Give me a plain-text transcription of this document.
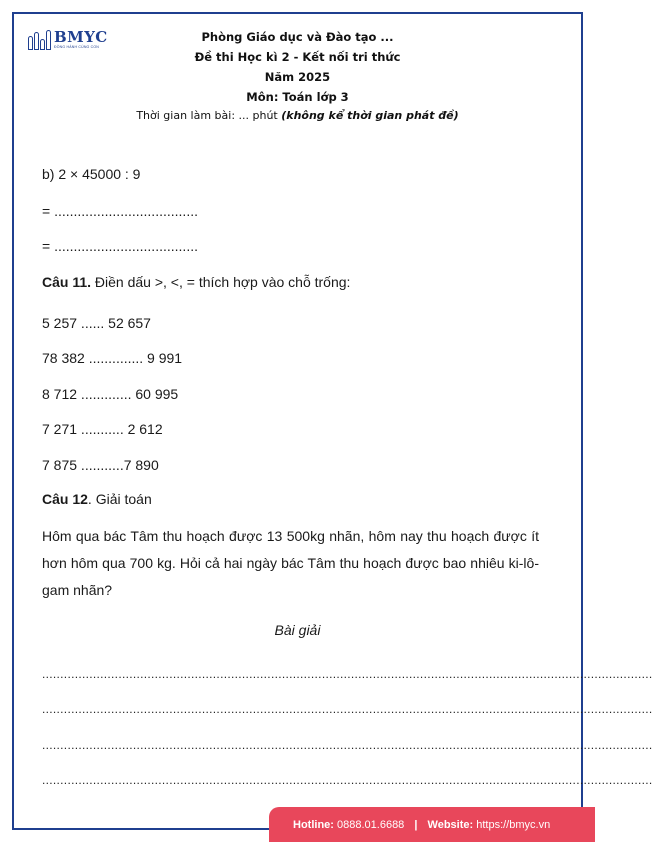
BMYC
ĐỒNG HÀNH CÙNG CON
Phòng Giáo dục và Đào tạo ...
Đề thi Học kì 2 - Kết nối tri thức
Năm 2025
Môn: Toán lớp 3
Thời gian làm bài: ... phút (không kể thời gian phát đề)
b) 2 × 45000 : 9
= .....................................
= .....................................
Câu 11. Điền dấu >, <, = thích hợp vào chỗ trống:
5 257 ...... 52 657
78 382 .............. 9 991
8 712 ............. 60 995
7 271 ........... 2 612
7 875 ...........7 890
Câu 12. Giải toán
Hôm qua bác Tâm thu hoạch được 13 500kg nhãn, hôm nay thu hoạch được ít hơn hôm qua 700 kg. Hỏi cả hai ngày bác Tâm thu hoạch được bao nhiêu ki-lô-gam nhãn?
Bài giải
........................................................................................................................................................................
........................................................................................................................................................................
........................................................................................................................................................................
........................................................................................................................................................................
Hotline: 0888.01.6688 | Website: https://bmyc.vn
